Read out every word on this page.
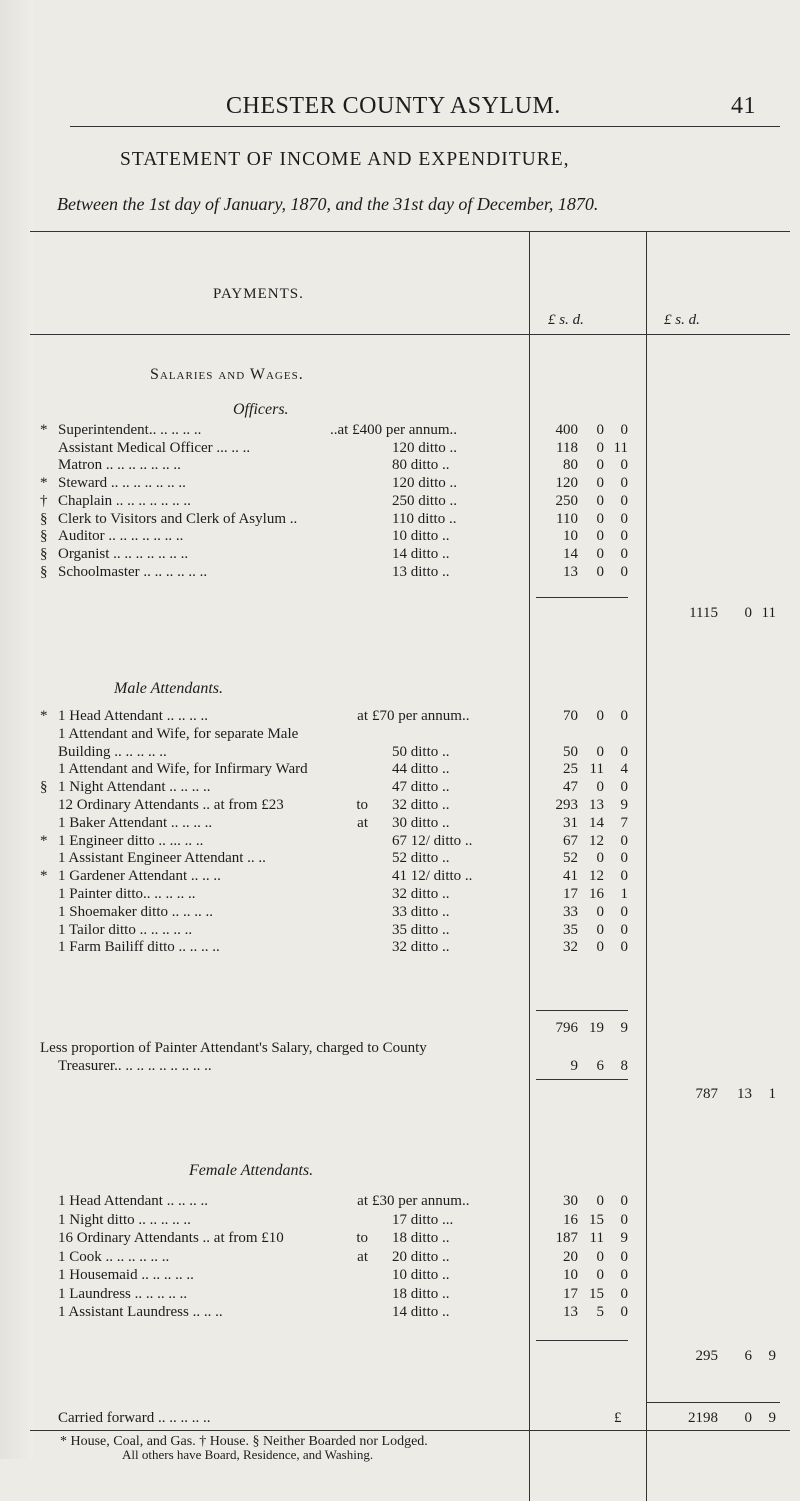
CHESTER COUNTY ASYLUM.	41
STATEMENT OF INCOME AND EXPENDITURE,
Between the 1st day of January, 1870, and the 31st day of December, 1870.
PAYMENTS.
£ s. d.	£ s. d.
Salaries and Wages.
Officers.
* Superintendent.. .. .. .. ..	..at £400 per annum..	400	0	0
Assistant Medical Officer ... .. ..	120 ditto ..	118	0 11
Matron .. .. .. .. .. .. ..	80 ditto ..	80	0	0
* Steward .. .. .. .. .. .. ..	120 ditto ..	120	0	0
† Chaplain .. .. .. .. .. .. ..	250 ditto ..	250	0	0
§ Clerk to Visitors and Clerk of Asylum ..	110 ditto ..	110	0	0
§ Auditor .. .. .. .. .. .. ..	10 ditto ..	10	0	0
§ Organist .. .. .. .. .. .. ..	14 ditto ..	14	0	0
§ Schoolmaster .. .. .. .. .. ..	13 ditto ..	13	0	0
1115	0 11
Male Attendants.
* 1 Head Attendant .. .. .. ..	at £70 per annum..	70	0	0
1 Attendant and Wife, for separate Male
Building .. .. .. .. ..	50 ditto ..	50	0	0
1 Attendant and Wife, for Infirmary Ward	44 ditto ..	25 11	4
§ 1 Night Attendant .. .. .. ..	47 ditto ..	47	0	0
12 Ordinary Attendants .. at from £23	to 32 ditto ..	293 13	9
1 Baker Attendant .. .. .. ..	at 30 ditto ..	31 14	7
* 1 Engineer ditto .. ... .. ..	67 12/ ditto ..	67 12	0
1 Assistant Engineer Attendant .. ..	52 ditto ..	52	0	0
* 1 Gardener Attendant .. .. ..	41 12/ ditto ..	41 12	0
1 Painter ditto.. .. .. .. ..	32 ditto ..	17 16	1
1 Shoemaker ditto .. .. .. ..	33 ditto ..	33	0	0
1 Tailor ditto .. .. .. .. ..	35 ditto ..	35	0	0
1 Farm Bailiff ditto .. .. .. ..	32 ditto ..	32	0	0
796 19	9
Less proportion of Painter Attendant's Salary, charged to County
Treasurer.. .. .. .. .. .. .. .. ..	9	6	8
787	13	1
Female Attendants.
1 Head Attendant .. .. .. ..	at £30 per annum..	30	0	0
1 Night ditto .. .. .. .. ..	17 ditto ...	16 15	0
16 Ordinary Attendants .. at from £10	to 18 ditto ..	187 11	9
1 Cook .. .. .. .. .. ..	at 20 ditto ..	20	0	0
1 Housemaid .. .. .. .. ..	10 ditto ..	10	0	0
1 Laundress .. .. .. .. ..	18 ditto ..	17 15	0
1 Assistant Laundress .. .. ..	14 ditto ..	13	5	0
295	6	9
Carried forward .. .. .. .. ..	£	2198	0	9
* House, Coal, and Gas. † House. § Neither Boarded nor Lodged.
All others have Board, Residence, and Washing.
